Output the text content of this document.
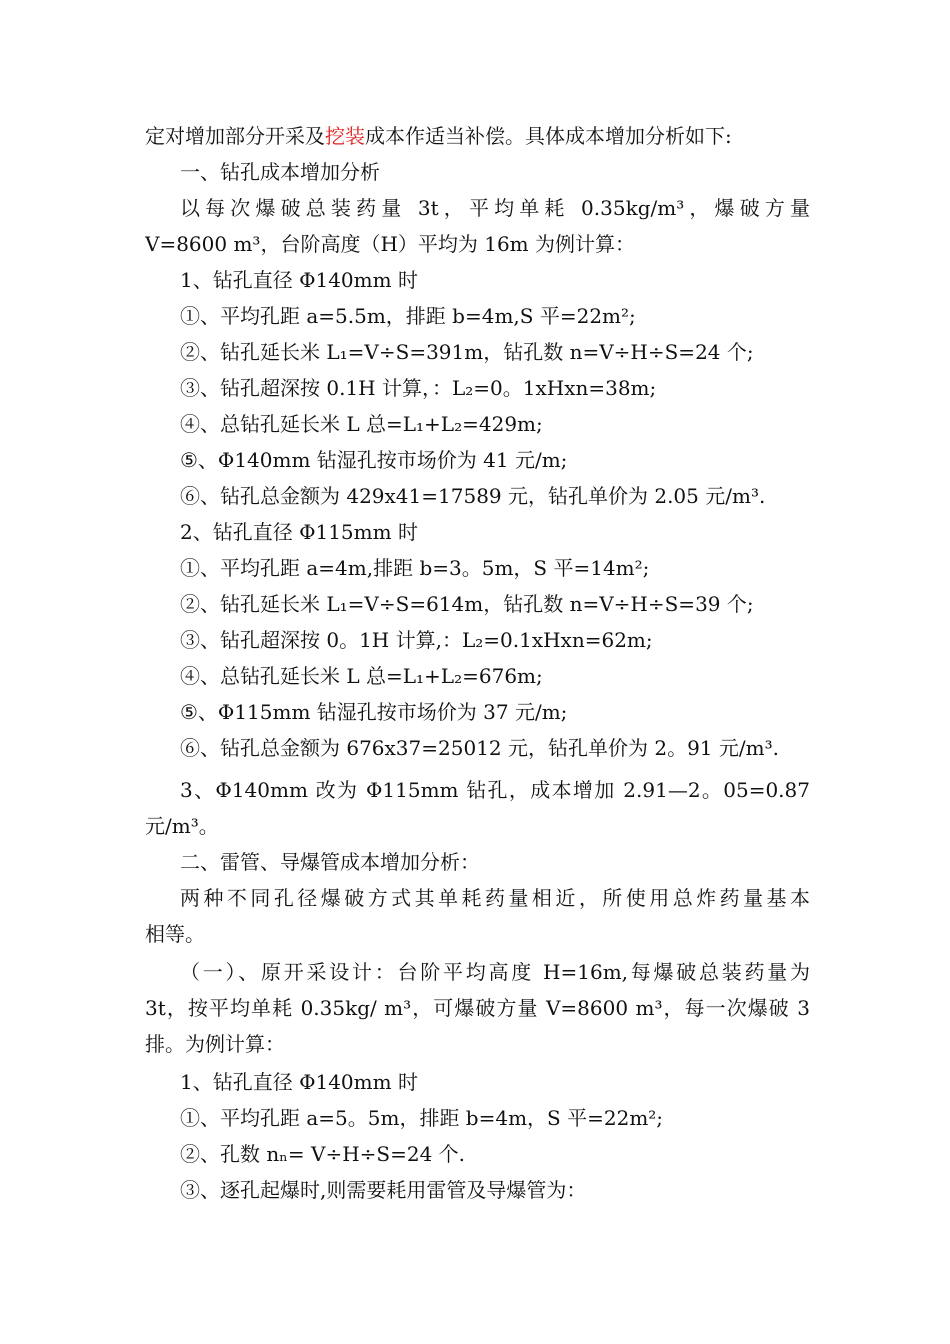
定对增加部分开采及挖装成本作适当补偿。具体成本增加分析如下:
一、钻孔成本增加分析
以每次爆破总装药量 3t，平均单耗 0.35kg/m³，爆破方量
V=8600 m³，台阶高度（H）平均为 16m 为例计算：
1、钻孔直径 Φ140mm 时
①、平均孔距 a=5.5m，排距 b=4m,S 平=22m²;
②、钻孔延长米 L₁=V÷S=391m，钻孔数 n=V÷H÷S=24 个;
③、钻孔超深按 0.1H 计算，：L₂=0。1ⅹHⅹn=38m;
④、总钻孔延长米 L 总=L₁+L₂=429m;
⑤、Φ140mm 钻湿孔按市场价为 41 元/m;
⑥、钻孔总金额为 429ⅹ41=17589 元，钻孔单价为 2.05 元/m³.
2、钻孔直径 Φ115mm 时
①、平均孔距 a=4m,排距 b=3。5m，S 平=14m²;
②、钻孔延长米 L₁=V÷S=614m，钻孔数 n=V÷H÷S=39 个;
③、钻孔超深按 0。1H 计算,：L₂=0.1ⅹHⅹn=62m;
④、总钻孔延长米 L 总=L₁+L₂=676m;
⑤、Φ115mm 钻湿孔按市场价为 37 元/m;
⑥、钻孔总金额为 676ⅹ37=25012 元，钻孔单价为 2。91 元/m³.
3、Φ140mm 改为 Φ115mm 钻孔，成本增加 2.91—2。05=0.87
元/m³。
二、雷管、导爆管成本增加分析：
两种不同孔径爆破方式其单耗药量相近，所使用总炸药量基本
相等。
（一）、原开采设计：台阶平均高度 H=16m,每爆破总装药量为
3t，按平均单耗 0.35kg/ m³，可爆破方量 V=8600 m³，每一次爆破 3
排。为例计算：
1、钻孔直径 Φ140mm 时
①、平均孔距 a=5。5m，排距 b=4m，S 平=22m²;
②、孔数 nₙ= V÷H÷S=24 个.
③、逐孔起爆时,则需要耗用雷管及导爆管为：
